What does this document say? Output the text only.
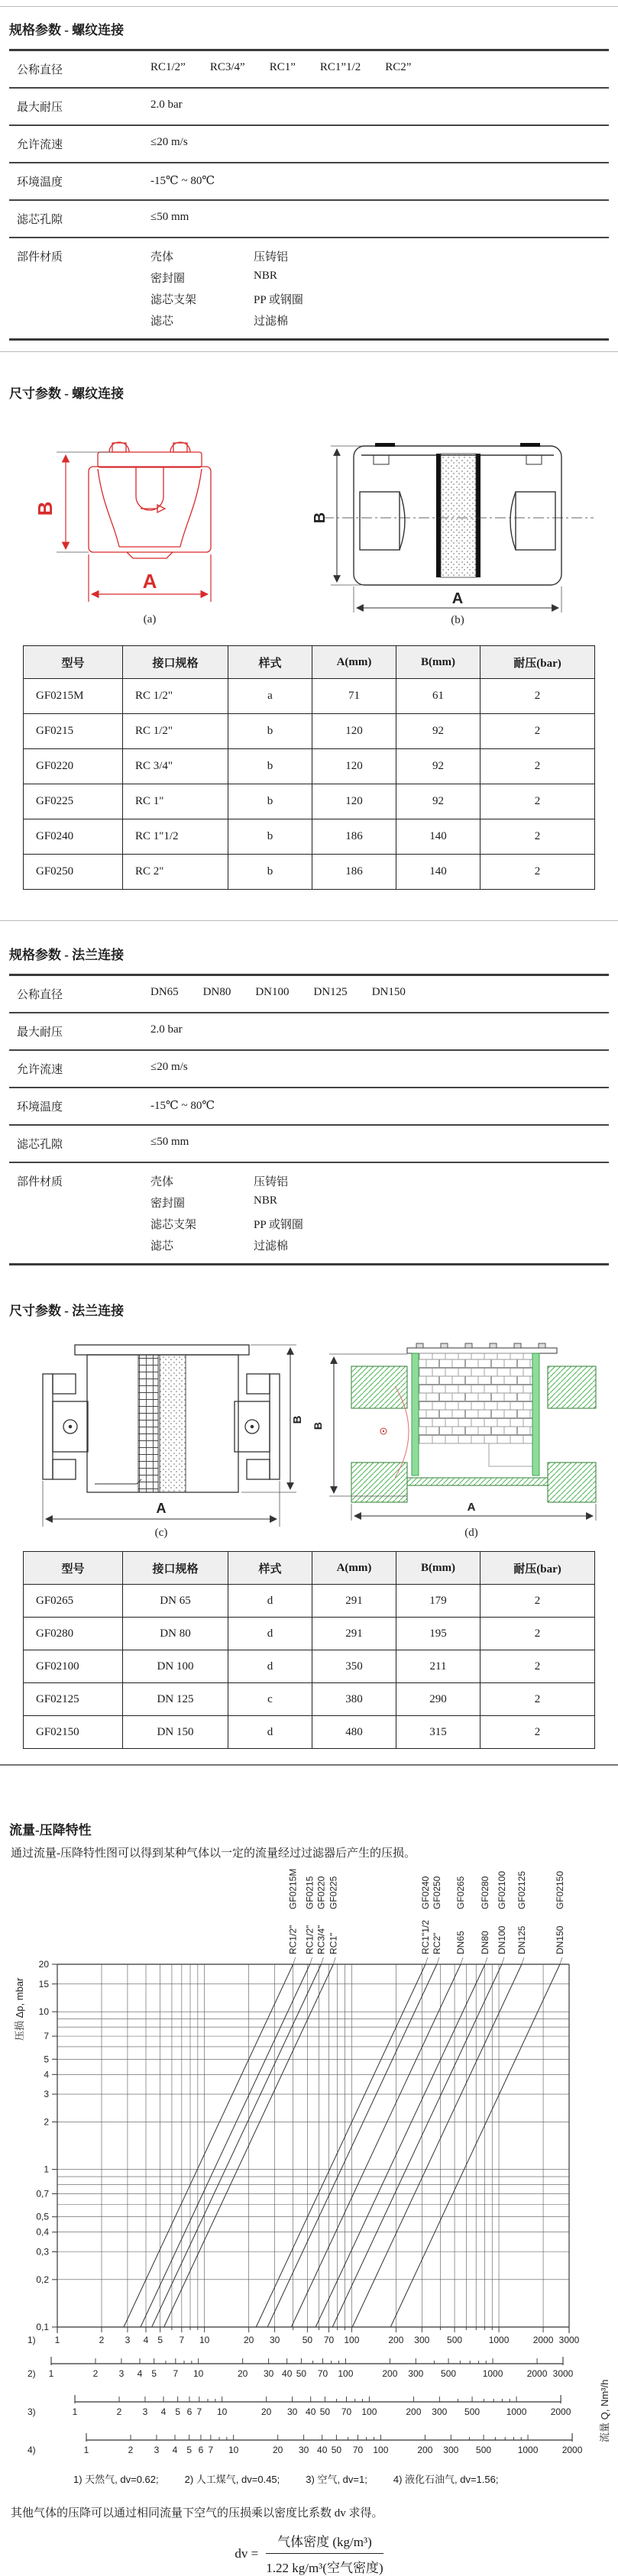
规格参数 - 螺纹连接
公称直径	RC1/2” RC3/4” RC1” RC1”1/2 RC2”
最大耐压	2.0 bar
允许流速	≤20 m/s
环境温度	-15℃ ~ 80℃
滤芯孔隙	≤50 mm
部件材质	壳体	压铸铝
密封圈	NBR
滤芯支架	PP 或钢圈
滤芯	过滤棉
尺寸参数 - 螺纹连接
B
A
(a)
B
A
(b)
型号	接口规格	样式	A(mm)	B(mm)	耐压(bar)
GF0215M	RC 1/2"	a	71	61	2
GF0215	RC 1/2"	b	120	92	2
GF0220	RC 3/4"	b	120	92	2
GF0225	RC 1"	b	120	92	2
GF0240	RC 1"1/2	b	186	140	2
GF0250	RC 2"	b	186	140	2
规格参数 - 法兰连接
公称直径	DN65 DN80 DN100 DN125 DN150
最大耐压	2.0 bar
允许流速	≤20 m/s
环境温度	-15℃ ~ 80℃
滤芯孔隙	≤50 mm
部件材质	壳体	压铸铝
密封圈	NBR
滤芯支架	PP 或钢圈
滤芯	过滤棉
尺寸参数 - 法兰连接
A
B
(c)
B
A
(d)
型号	接口规格	样式	A(mm)	B(mm)	耐压(bar)
GF0265	DN 65	d	291	179	2
GF0280	DN 80	d	291	195	2
GF02100	DN 100	d	350	211	2
GF02125	DN 125	c	380	290	2
GF02150	DN 150	d	480	315	2
流量-压降特性
通过流量-压降特性图可以得到某种气体以一定的流量经过过滤器后产生的压损。
RC1/2"
GF0215M
RC1/2"
GF0215
RC3/4"
GF0220
RC1"
GF0225
RC1"1/2
GF0240
RC2"
GF0250
DN65
GF0265
DN80
GF0280
DN100
GF02100
DN125
GF02125
DN150
GF02150
20
15
10
7
5
4
3
2
1
0,7
0,5
0,4
0,3
0,2
0,1
压损 Δp, mbar
流量 Q, Nm³/h
1	2 3 4 5 7 10	20 30 50 70 100	200 300 500	1000	2000 3000
1)
1	2 3 4 5 7 10	20 30 40 50 70 100	200 300 500	1000	2000 3000
2)
1	2 3 4 5 6 7 10	20 30 40 50 70 100	200 300 500	1000	2000
3)
1	2 3 4 5 6 7 10	20 30 40 50 70 100	200 300 500	1000	2000
4)
1) 天然气, dv=0.62;	2) 人工煤气, dv=0.45;	3) 空气, dv=1;	4) 液化石油气, dv=1.56;
其他气体的压降可以通过相同流量下空气的压损乘以密度比系数 dv 求得。
dv = $\frac{\text{气体密度 (kg/m³)}}{\text{1.22 kg/m³(空气密度)}}$
